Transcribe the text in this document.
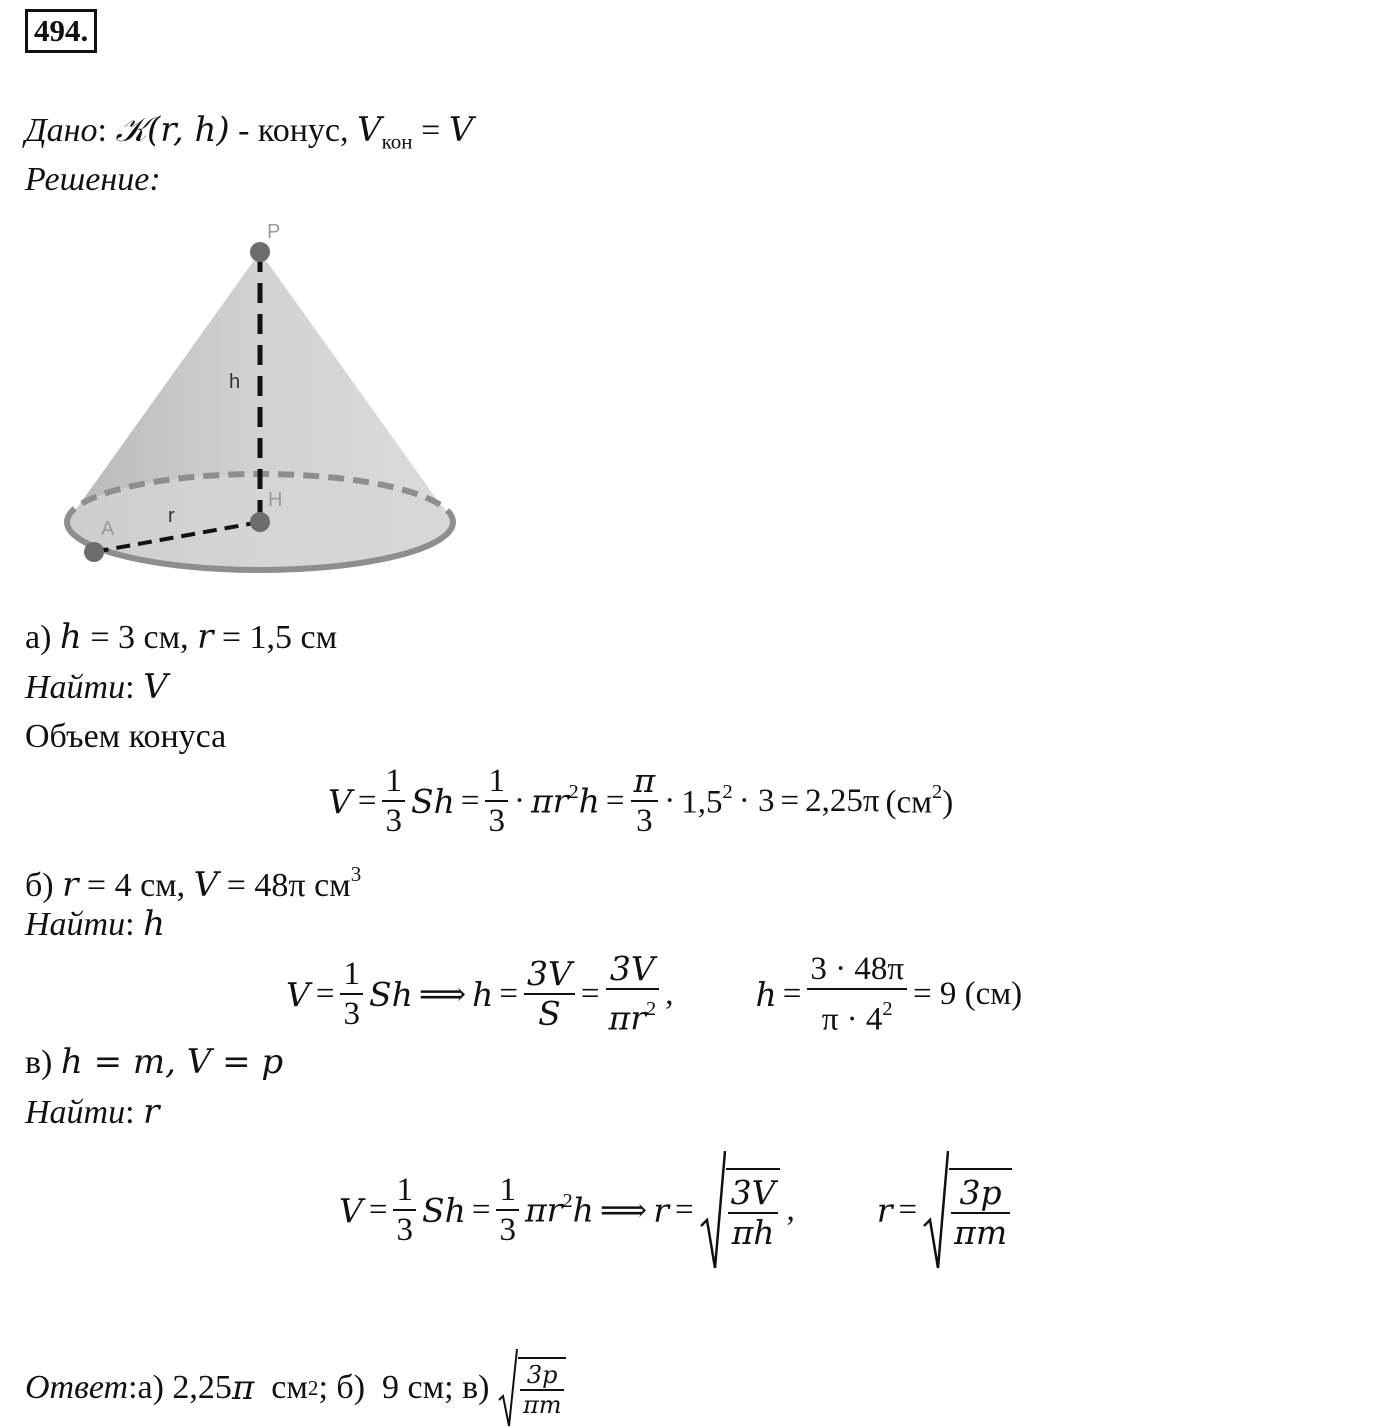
494.
Дано: 𝒦(r, h) - конус, $V_{кон} = V$
Решение:
P
h
H
r
A
а) h = 3 см, r = 1,5 см
Найти: V
Объем конуса
$V = \frac{1}{3}$ $Sh = \frac{1}{3} \cdot \pi r^2h = \frac{\pi}{3} \cdot 1,5^2 \cdot 3 = 2,25\pi$ $(см^2)$
б) r = 4 см, V = 48π $см^3$
Найти: h
$V = \frac{1}{3}$ Sh ⟹ $h = \frac{3V}{S} = \frac{3V}{\pi r^2}$ , $h = \frac{3 \cdot 48\pi}{\pi \cdot 4^2} = 9$ (см)
в) h = m, V = p
Найти: r
$V = \frac{1}{3}$ $Sh = \frac{1}{3} \pi r^2h$ ⟹ $r = \frac{3V}{\pi h}$ , $r = \frac{3p}{\pi m}$
Ответ : а) 2,25 π см 2 ; б)  9 см; $в) \frac{3p}{\pi m}$
